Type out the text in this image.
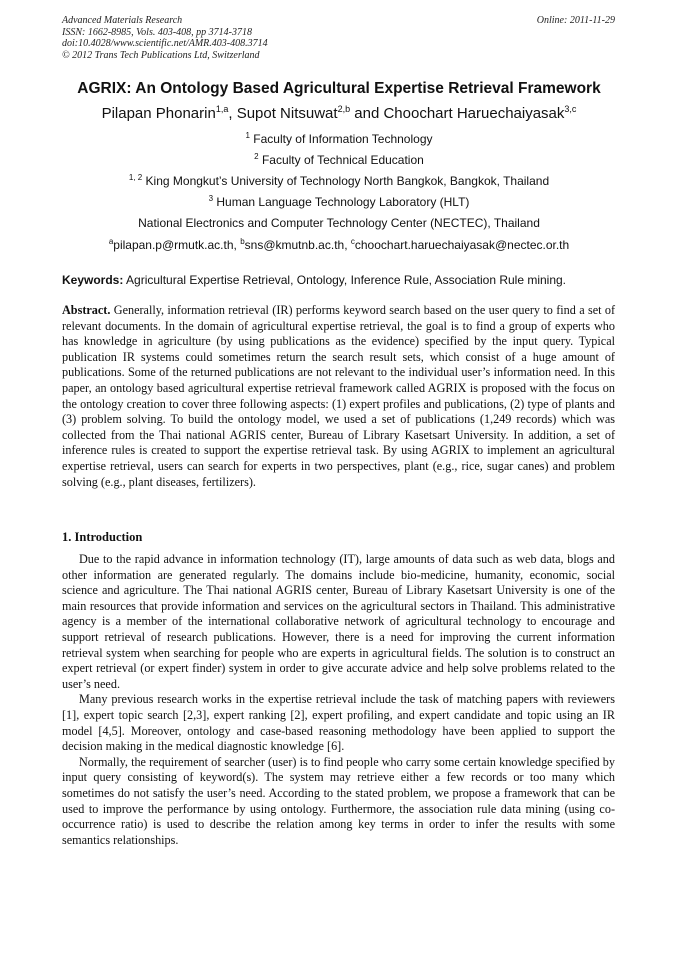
Advanced Materials Research
ISSN: 1662-8985, Vols. 403-408, pp 3714-3718
doi:10.4028/www.scientific.net/AMR.403-408.3714
© 2012 Trans Tech Publications Ltd, Switzerland
Online: 2011-11-29
AGRIX: An Ontology Based Agricultural Expertise Retrieval Framework
Pilapan Phonarin$^{1,a}$, Supot Nitsuwat$^{2,b}$ and Choochart Haruechaiyasak$^{3,c}$
$^1$ Faculty of Information Technology
$^2$ Faculty of Technical Education
$^{1, 2}$ King Mongkut’s University of Technology North Bangkok, Bangkok, Thailand
$^3$ Human Language Technology Laboratory (HLT)
National Electronics and Computer Technology Center (NECTEC), Thailand
$^a$pilapan.p@rmutk.ac.th, $^b$sns@kmutnb.ac.th, $^c$choochart.haruechaiyasak@nectec.or.th
Keywords: Agricultural Expertise Retrieval, Ontology, Inference Rule, Association Rule mining.
Abstract. Generally, information retrieval (IR) performs keyword search based on the user query to find a set of relevant documents. In the domain of agricultural expertise retrieval, the goal is to find a group of experts who has knowledge in agriculture (by using publications as the evidence) specified by the input query. Typical publication IR systems could sometimes return the search result sets, which consist of a huge amount of publications. Some of the returned publications are not relevant to the individual user’s information need. In this paper, an ontology based agricultural expertise retrieval framework called AGRIX is proposed with the focus on the ontology creation to cover three following aspects: (1) expert profiles and publications, (2) type of plants and (3) problem solving. To build the ontology model, we used a set of publications (1,249 records) which was collected from the Thai national AGRIS center, Bureau of Library Kasetsart University. In addition, a set of inference rules is created to support the expertise retrieval task. By using AGRIX to implement an agricultural expertise retrieval, users can search for experts in two perspectives, plant (e.g., rice, sugar canes) and problem solving (e.g., plant diseases, fertilizers).
1. Introduction

Due to the rapid advance in information technology (IT), large amounts of data such as web data, blogs and other information are generated regularly. The domains include bio-medicine, humanity, economic, social science and agriculture. The Thai national AGRIS center, Bureau of Library Kasetsart University is one of the main resources that provide information and services on the agricultural sectors in Thailand. This administrative agency is a member of the international collaborative network of agricultural technology to encourage and support retrieval of research publications. However, there is a need for improving the current information retrieval system when searching for people who are experts in agricultural fields. The solution is to construct an expert retrieval (or expert finder) system in order to give accurate advice and help solve problems related to the user’s need.

Many previous research works in the expertise retrieval include the task of matching papers with reviewers [1], expert topic search [2,3], expert ranking [2], expert profiling, and expert candidate and topic using an IR model [4,5]. Moreover, ontology and case-based reasoning methodology have been applied to support the decision making in the medical diagnostic knowledge [6].

Normally, the requirement of searcher (user) is to find people who carry some certain knowledge specified by input query consisting of keyword(s). The system may retrieve either a few records or too many which sometimes do not satisfy the user’s need. According to the stated problem, we propose a framework that can be used to improve the performance by using ontology. Furthermore, the association rule data mining (using co-occurrence ratio) is used to describe the relation among key terms in order to infer the results with some semantics relationships.
